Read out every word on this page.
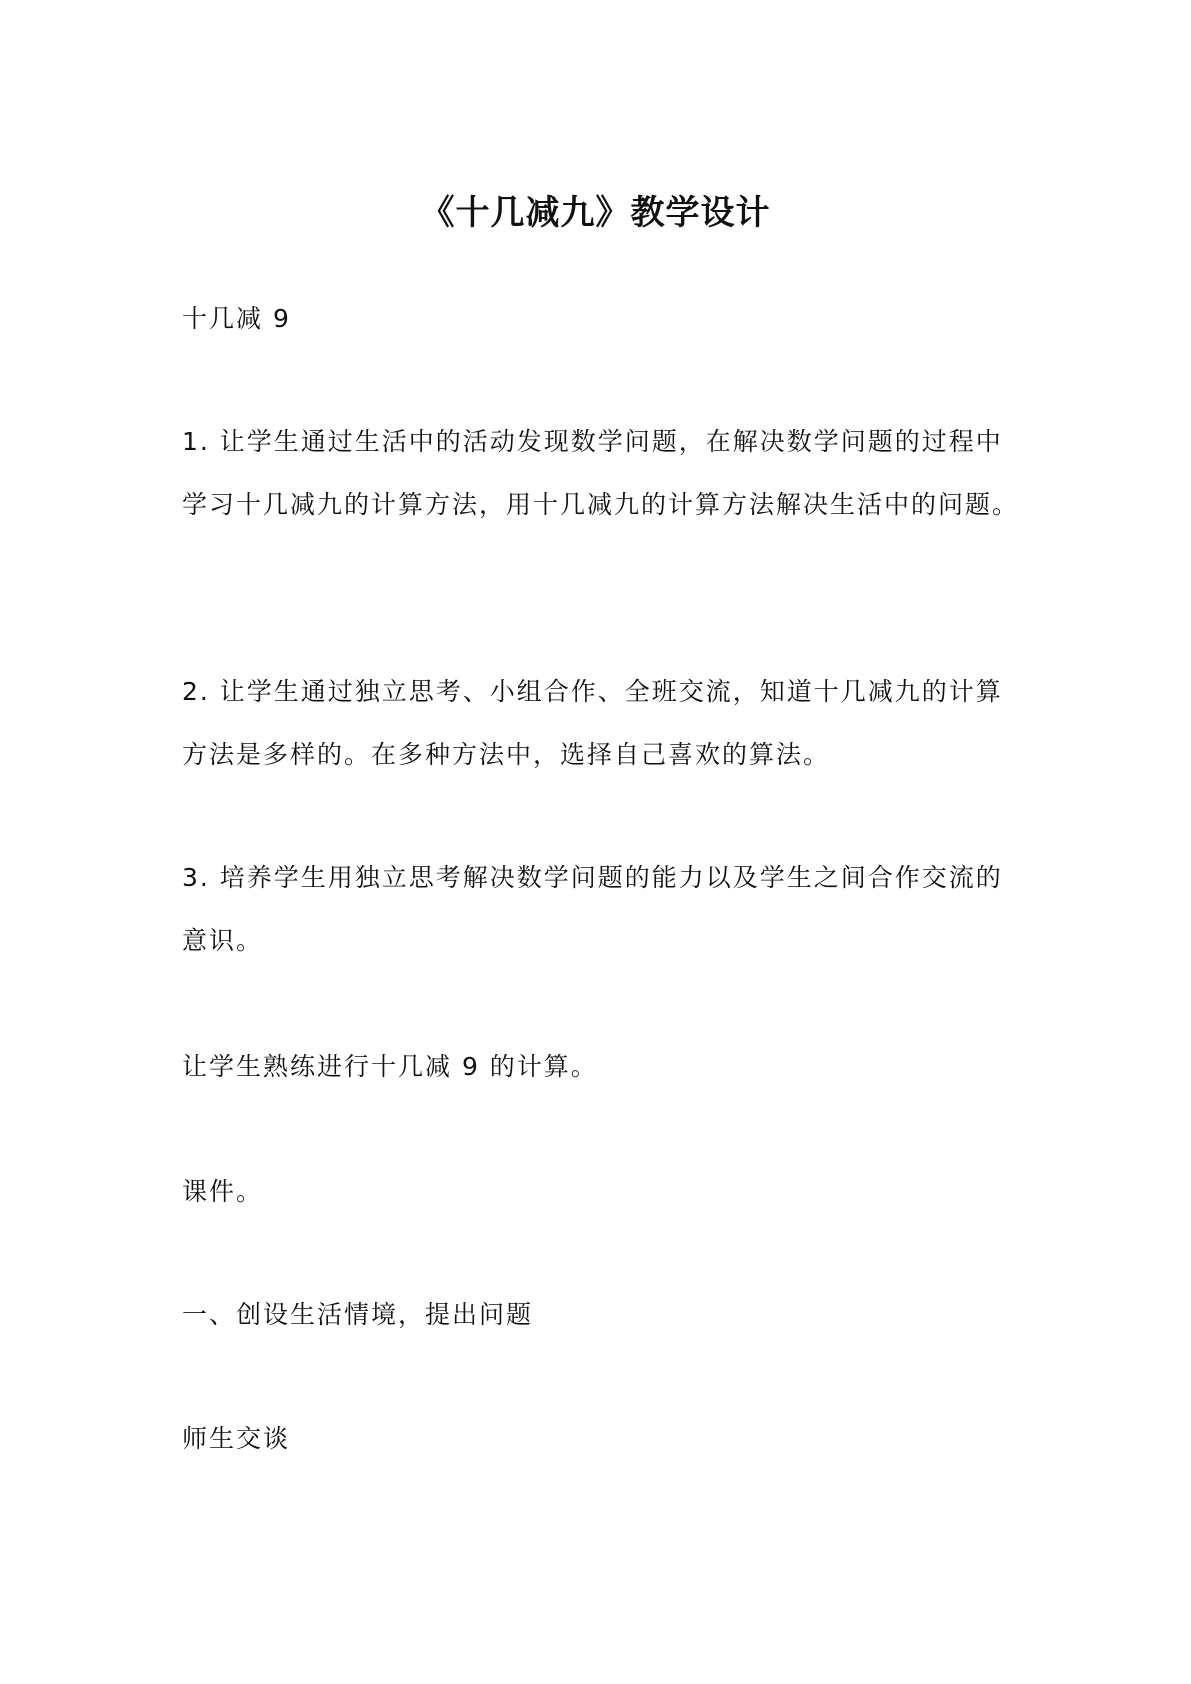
《十几减九》教学设计

十几减 9

1. 让学生通过生活中的活动发现数学问题，在解决数学问题的过程中学习十几减九的计算方法，用十几减九的计算方法解决生活中的问题。

2. 让学生通过独立思考、小组合作、全班交流，知道十几减九的计算方法是多样的。在多种方法中，选择自己喜欢的算法。

3. 培养学生用独立思考解决数学问题的能力以及学生之间合作交流的意识。

让学生熟练进行十几减 9 的计算。

课件。

一、创设生活情境，提出问题

师生交谈
